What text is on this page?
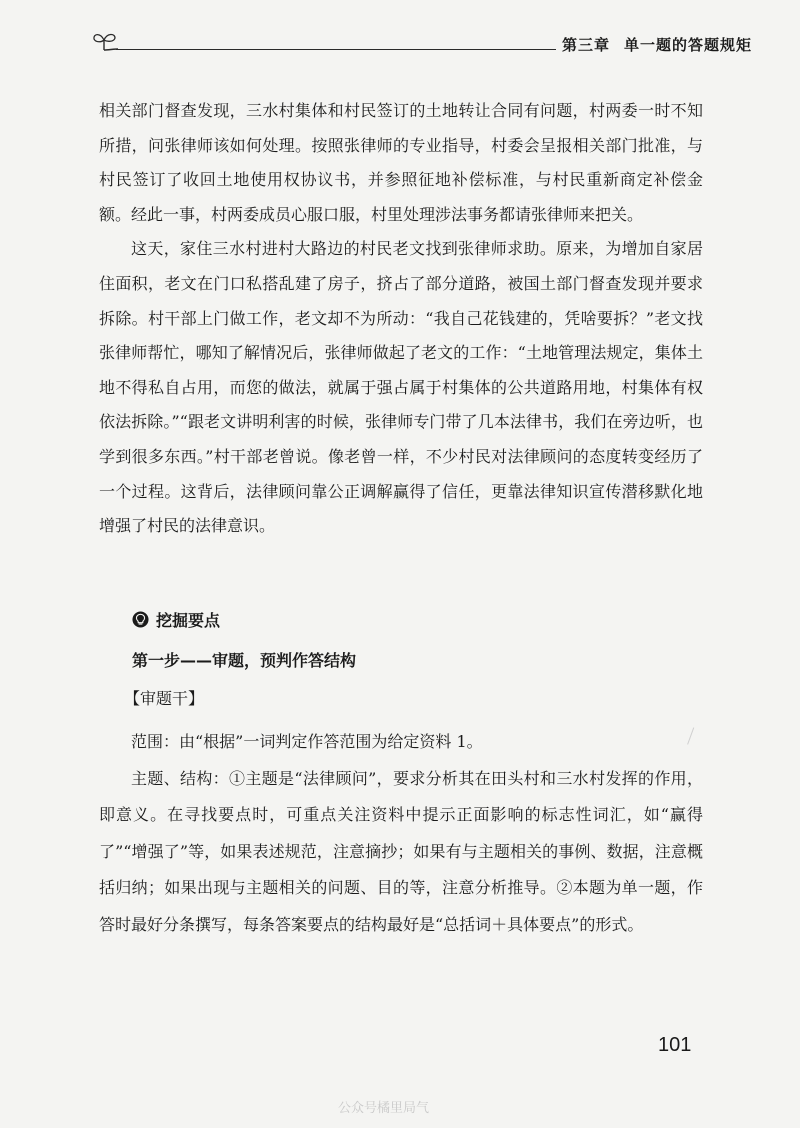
第三章 单一题的答题规矩

相关部门督查发现，三水村集体和村民签订的土地转让合同有问题，村两委一时不知所措，问张律师该如何处理。按照张律师的专业指导，村委会呈报相关部门批准，与村民签订了收回土地使用权协议书，并参照征地补偿标准，与村民重新商定补偿金额。经此一事，村两委成员心服口服，村里处理涉法事务都请张律师来把关。

这天，家住三水村进村大路边的村民老文找到张律师求助。原来，为增加自家居住面积，老文在门口私搭乱建了房子，挤占了部分道路，被国土部门督查发现并要求拆除。村干部上门做工作，老文却不为所动：“我自己花钱建的，凭啥要拆？”老文找张律师帮忙，哪知了解情况后，张律师做起了老文的工作：“土地管理法规定，集体土地不得私自占用，而您的做法，就属于强占属于村集体的公共道路用地，村集体有权依法拆除。”“跟老文讲明利害的时候，张律师专门带了几本法律书，我们在旁边听，也学到很多东西。”村干部老曾说。像老曾一样，不少村民对法律顾问的态度转变经历了一个过程。这背后，法律顾问靠公正调解赢得了信任，更靠法律知识宣传潜移默化地增强了村民的法律意识。

挖掘要点
第一步——审题，预判作答结构
【审题干】

范围：由“根据”一词判定作答范围为给定资料 1。

主题、结构：①主题是“法律顾问”，要求分析其在田头村和三水村发挥的作用，即意义。在寻找要点时，可重点关注资料中提示正面影响的标志性词汇，如“赢得了”“增强了”等，如果表述规范，注意摘抄；如果有与主题相关的事例、数据，注意概括归纳；如果出现与主题相关的问题、目的等，注意分析推导。②本题为单一题，作答时最好分条撰写，每条答案要点的结构最好是“总括词＋具体要点”的形式。

101
公众号橘里局气
